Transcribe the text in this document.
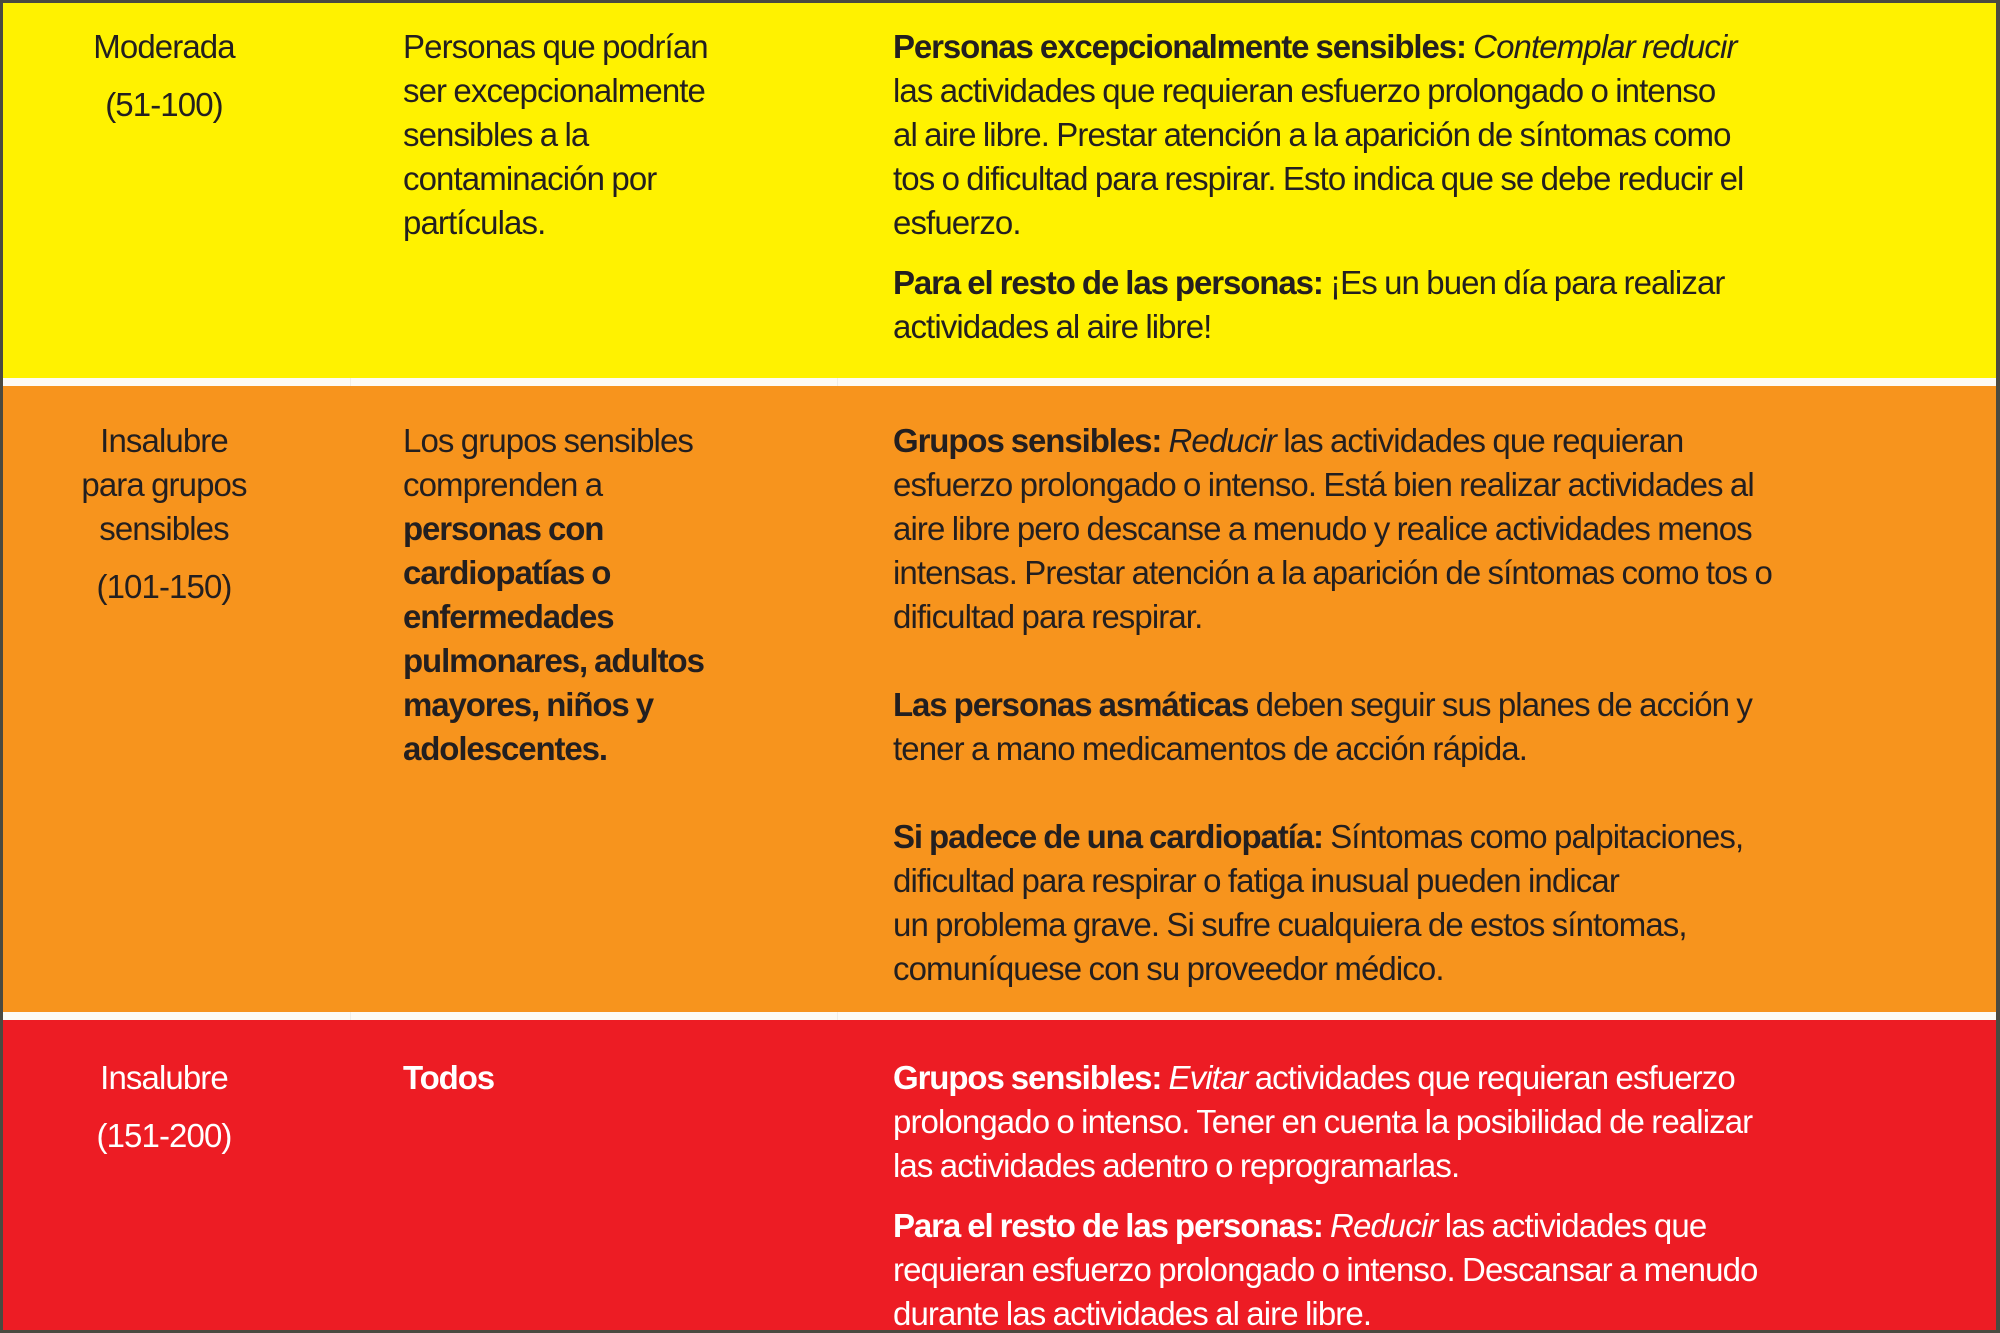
Moderada
(51-100)
Personas que podrían
ser excepcionalmente
sensibles a la
contaminación por
partículas.
Personas excepcionalmente sensibles: Contemplar reducir
las actividades que requieran esfuerzo prolongado o intenso
al aire libre. Prestar atención a la aparición de síntomas como
tos o dificultad para respirar. Esto indica que se debe reducir el
esfuerzo.
Para el resto de las personas: ¡Es un buen día para realizar
actividades al aire libre!
Insalubre
para grupos
sensibles
(101-150)
Los grupos sensibles
comprenden a
personas con
cardiopatías o
enfermedades
pulmonares, adultos
mayores, niños y
adolescentes.
Grupos sensibles: Reducir las actividades que requieran
esfuerzo prolongado o intenso. Está bien realizar actividades al
aire libre pero descanse a menudo y realice actividades menos
intensas. Prestar atención a la aparición de síntomas como tos o
dificultad para respirar.
Las personas asmáticas deben seguir sus planes de acción y
tener a mano medicamentos de acción rápida.
Si padece de una cardiopatía: Síntomas como palpitaciones,
dificultad para respirar o fatiga inusual pueden indicar
un problema grave. Si sufre cualquiera de estos síntomas,
comuníquese con su proveedor médico.
Insalubre
(151-200)
Todos	Grupos sensibles: Evitar actividades que requieran esfuerzo
prolongado o intenso. Tener en cuenta la posibilidad de realizar
las actividades adentro o reprogramarlas.
Para el resto de las personas: Reducir las actividades que
requieran esfuerzo prolongado o intenso. Descansar a menudo
durante las actividades al aire libre.
